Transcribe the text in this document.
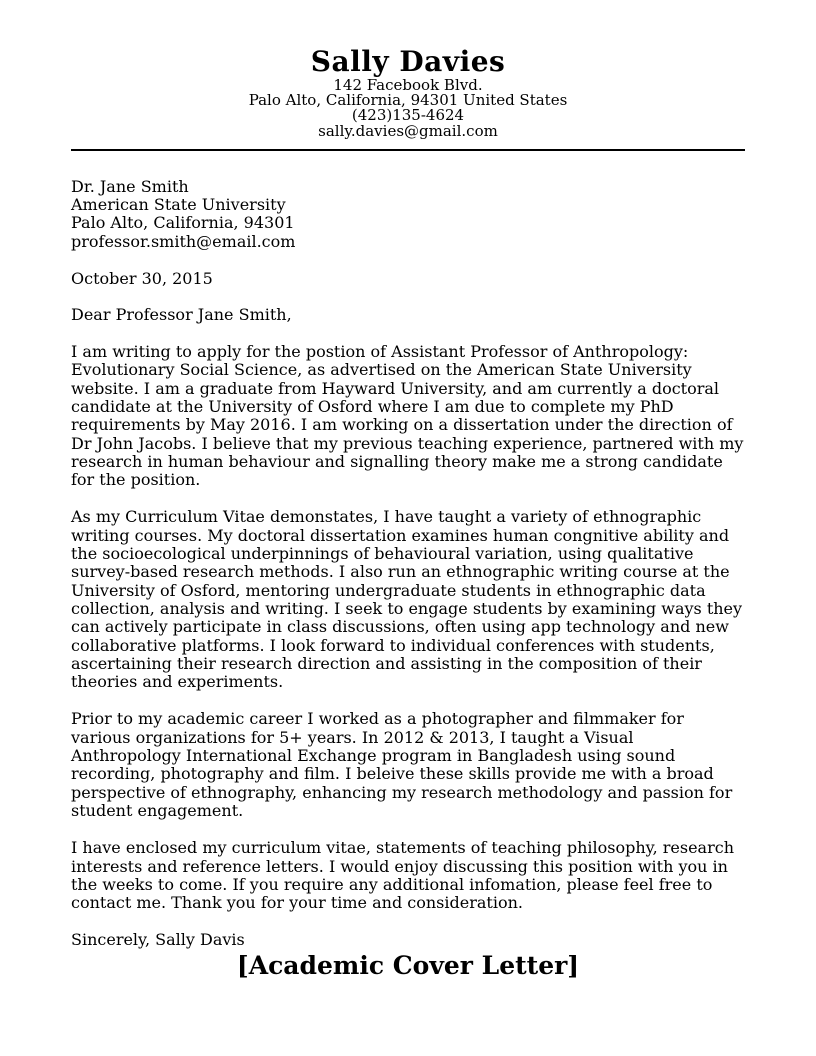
Sally Davies
142 Facebook Blvd.
Palo Alto, California, 94301 United States
(423)135-4624
sally.davies@gmail.com
Dr. Jane Smith
American State University
Palo Alto, California, 94301
professor.smith@email.com
October 30, 2015
Dear Professor Jane Smith,

I am writing to apply for the postion of Assistant Professor of Anthropology: Evolutionary Social Science, as advertised on the American State University website. I am a graduate from Hayward University, and am currently a doctoral candidate at the University of Osford where I am due to complete my PhD requirements by May 2016. I am working on a dissertation under the direction of Dr John Jacobs. I believe that my previous teaching experience, partnered with my research in human behaviour and signalling theory make me a strong candidate for the position.

As my Curriculum Vitae demonstates, I have taught a variety of ethnographic writing courses. My doctoral dissertation examines human congnitive ability and the socioecological underpinnings of behavioural variation, using qualitative survey-based research methods. I also run an ethnographic writing course at the University of Osford, mentoring undergraduate students in ethnographic data collection, analysis and writing. I seek to engage students by examining ways they can actively participate in class discussions, often using app technology and new collaborative platforms. I look forward to individual conferences with students, ascertaining their research direction and assisting in the composition of their theories and experiments.

Prior to my academic career I worked as a photographer and filmmaker for various organizations for 5+ years. In 2012 & 2013, I taught a Visual Anthropology International Exchange program in Bangladesh using sound recording, photography and film. I beleive these skills provide me with a broad perspective of ethnography, enhancing my research methodology and passion for student engagement.

I have enclosed my curriculum vitae, statements of teaching philosophy, research interests and reference letters. I would enjoy discussing this position with you in the weeks to come. If you require any additional infomation, please feel free to contact me. Thank you for your time and consideration.

Sincerely, Sally Davis
[Academic Cover Letter]
